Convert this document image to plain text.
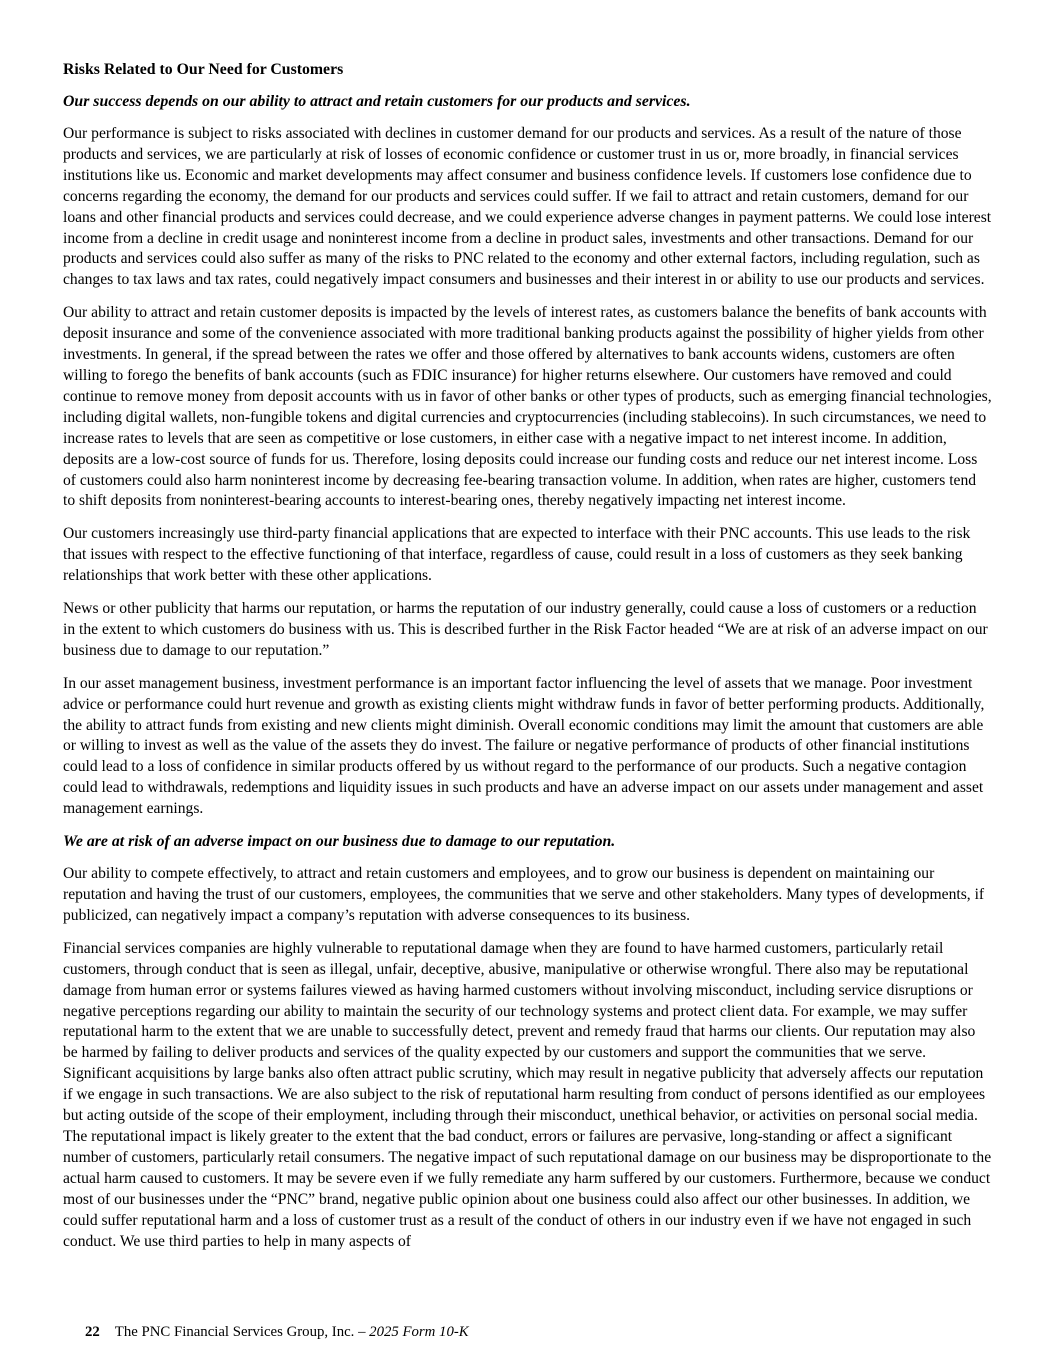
Risks Related to Our Need for Customers
Our success depends on our ability to attract and retain customers for our products and services.

Our performance is subject to risks associated with declines in customer demand for our products and services. As a result of the nature of those products and services, we are particularly at risk of losses of economic confidence or customer trust in us or, more broadly, in financial services institutions like us. Economic and market developments may affect consumer and business confidence levels. If customers lose confidence due to concerns regarding the economy, the demand for our products and services could suffer. If we fail to attract and retain customers, demand for our loans and other financial products and services could decrease, and we could experience adverse changes in payment patterns. We could lose interest income from a decline in credit usage and noninterest income from a decline in product sales, investments and other transactions. Demand for our products and services could also suffer as many of the risks to PNC related to the economy and other external factors, including regulation, such as changes to tax laws and tax rates, could negatively impact consumers and businesses and their interest in or ability to use our products and services.

Our ability to attract and retain customer deposits is impacted by the levels of interest rates, as customers balance the benefits of bank accounts with deposit insurance and some of the convenience associated with more traditional banking products against the possibility of higher yields from other investments. In general, if the spread between the rates we offer and those offered by alternatives to bank accounts widens, customers are often willing to forego the benefits of bank accounts (such as FDIC insurance) for higher returns elsewhere. Our customers have removed and could continue to remove money from deposit accounts with us in favor of other banks or other types of products, such as emerging financial technologies, including digital wallets, non-fungible tokens and digital currencies and cryptocurrencies (including stablecoins). In such circumstances, we need to increase rates to levels that are seen as competitive or lose customers, in either case with a negative impact to net interest income. In addition, deposits are a low-cost source of funds for us. Therefore, losing deposits could increase our funding costs and reduce our net interest income. Loss of customers could also harm noninterest income by decreasing fee-bearing transaction volume. In addition, when rates are higher, customers tend to shift deposits from noninterest-bearing accounts to interest-bearing ones, thereby negatively impacting net interest income.

Our customers increasingly use third-party financial applications that are expected to interface with their PNC accounts. This use leads to the risk that issues with respect to the effective functioning of that interface, regardless of cause, could result in a loss of customers as they seek banking relationships that work better with these other applications.

News or other publicity that harms our reputation, or harms the reputation of our industry generally, could cause a loss of customers or a reduction in the extent to which customers do business with us. This is described further in the Risk Factor headed “We are at risk of an adverse impact on our business due to damage to our reputation.”

In our asset management business, investment performance is an important factor influencing the level of assets that we manage. Poor investment advice or performance could hurt revenue and growth as existing clients might withdraw funds in favor of better performing products. Additionally, the ability to attract funds from existing and new clients might diminish. Overall economic conditions may limit the amount that customers are able or willing to invest as well as the value of the assets they do invest. The failure or negative performance of products of other financial institutions could lead to a loss of confidence in similar products offered by us without regard to the performance of our products. Such a negative contagion could lead to withdrawals, redemptions and liquidity issues in such products and have an adverse impact on our assets under management and asset management earnings.

We are at risk of an adverse impact on our business due to damage to our reputation.

Our ability to compete effectively, to attract and retain customers and employees, and to grow our business is dependent on maintaining our reputation and having the trust of our customers, employees, the communities that we serve and other stakeholders. Many types of developments, if publicized, can negatively impact a company’s reputation with adverse consequences to its business.

Financial services companies are highly vulnerable to reputational damage when they are found to have harmed customers, particularly retail customers, through conduct that is seen as illegal, unfair, deceptive, abusive, manipulative or otherwise wrongful. There also may be reputational damage from human error or systems failures viewed as having harmed customers without involving misconduct, including service disruptions or negative perceptions regarding our ability to maintain the security of our technology systems and protect client data. For example, we may suffer reputational harm to the extent that we are unable to successfully detect, prevent and remedy fraud that harms our clients. Our reputation may also be harmed by failing to deliver products and services of the quality expected by our customers and support the communities that we serve. Significant acquisitions by large banks also often attract public scrutiny, which may result in negative publicity that adversely affects our reputation if we engage in such transactions. We are also subject to the risk of reputational harm resulting from conduct of persons identified as our employees but acting outside of the scope of their employment, including through their misconduct, unethical behavior, or activities on personal social media. The reputational impact is likely greater to the extent that the bad conduct, errors or failures are pervasive, long-standing or affect a significant number of customers, particularly retail consumers. The negative impact of such reputational damage on our business may be disproportionate to the actual harm caused to customers. It may be severe even if we fully remediate any harm suffered by our customers. Furthermore, because we conduct most of our businesses under the “PNC” brand, negative public opinion about one business could also affect our other businesses. In addition, we could suffer reputational harm and a loss of customer trust as a result of the conduct of others in our industry even if we have not engaged in such conduct. We use third parties to help in many aspects of

22 The PNC Financial Services Group, Inc. – 2025 Form 10-K
